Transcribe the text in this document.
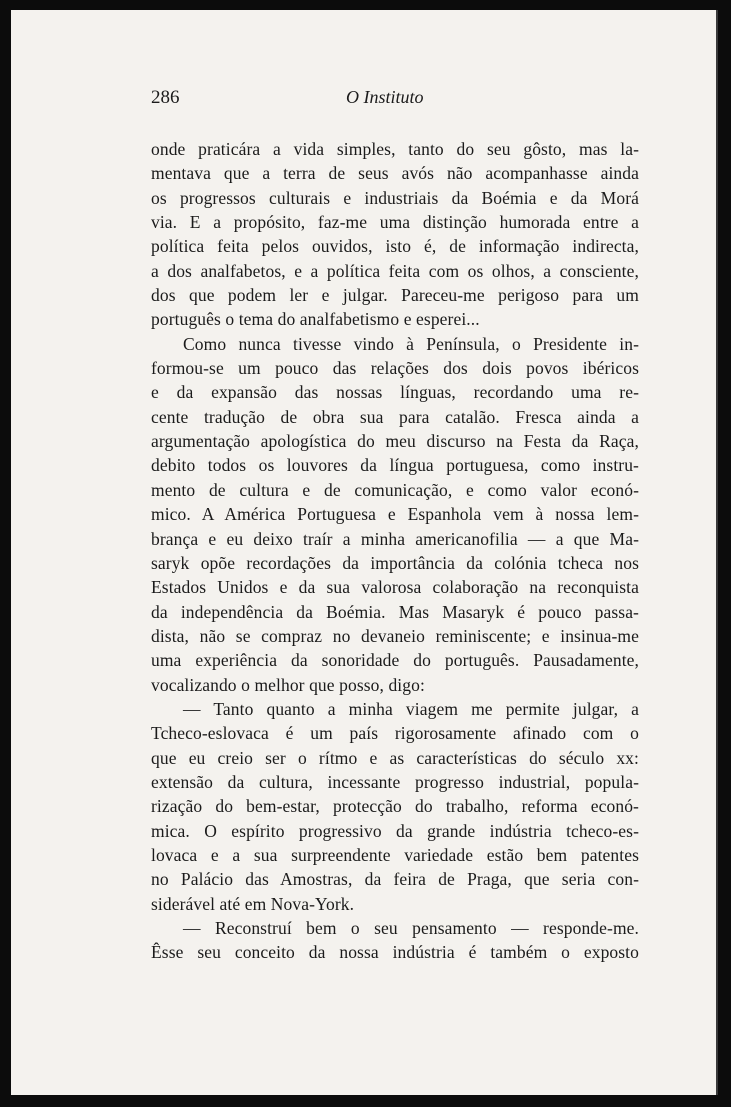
286	O Instituto
onde praticára a vida simples, tanto do seu gôsto, mas la-
mentava que a terra de seus avós não acompanhasse ainda
os progressos culturais e industriais da Boémia e da Morá
via. E a propósito, faz-me uma distinção humorada entre a
política feita pelos ouvidos, isto é, de informação indirecta,
a dos analfabetos, e a política feita com os olhos, a consciente,
dos que podem ler e julgar. Pareceu-me perigoso para um
português o tema do analfabetismo e esperei...
Como nunca tivesse vindo à Península, o Presidente in-
formou-se um pouco das relações dos dois povos ibéricos
e da expansão das nossas línguas, recordando uma re-
cente tradução de obra sua para catalão. Fresca ainda a
argumentação apologística do meu discurso na Festa da Raça,
debito todos os louvores da língua portuguesa, como instru-
mento de cultura e de comunicação, e como valor econó-
mico. A América Portuguesa e Espanhola vem à nossa lem-
brança e eu deixo traír a minha americanofilia — a que Ma-
saryk opõe recordações da importância da colónia tcheca nos
Estados Unidos e da sua valorosa colaboração na reconquista
da independência da Boémia. Mas Masaryk é pouco passa-
dista, não se compraz no devaneio reminiscente; e insinua-me
uma experiência da sonoridade do português. Pausadamente,
vocalizando o melhor que posso, digo:
— Tanto quanto a minha viagem me permite julgar, a
Tcheco-eslovaca é um país rigorosamente afinado com o
que eu creio ser o rítmo e as características do século xx:
extensão da cultura, incessante progresso industrial, popula-
rização do bem-estar, protecção do trabalho, reforma econó-
mica. O espírito progressivo da grande indústria tcheco-es-
lovaca e a sua surpreendente variedade estão bem patentes
no Palácio das Amostras, da feira de Praga, que seria con-
siderável até em Nova-York.
— Reconstruí bem o seu pensamento — responde-me.
Êsse seu conceito da nossa indústria é também o exposto
